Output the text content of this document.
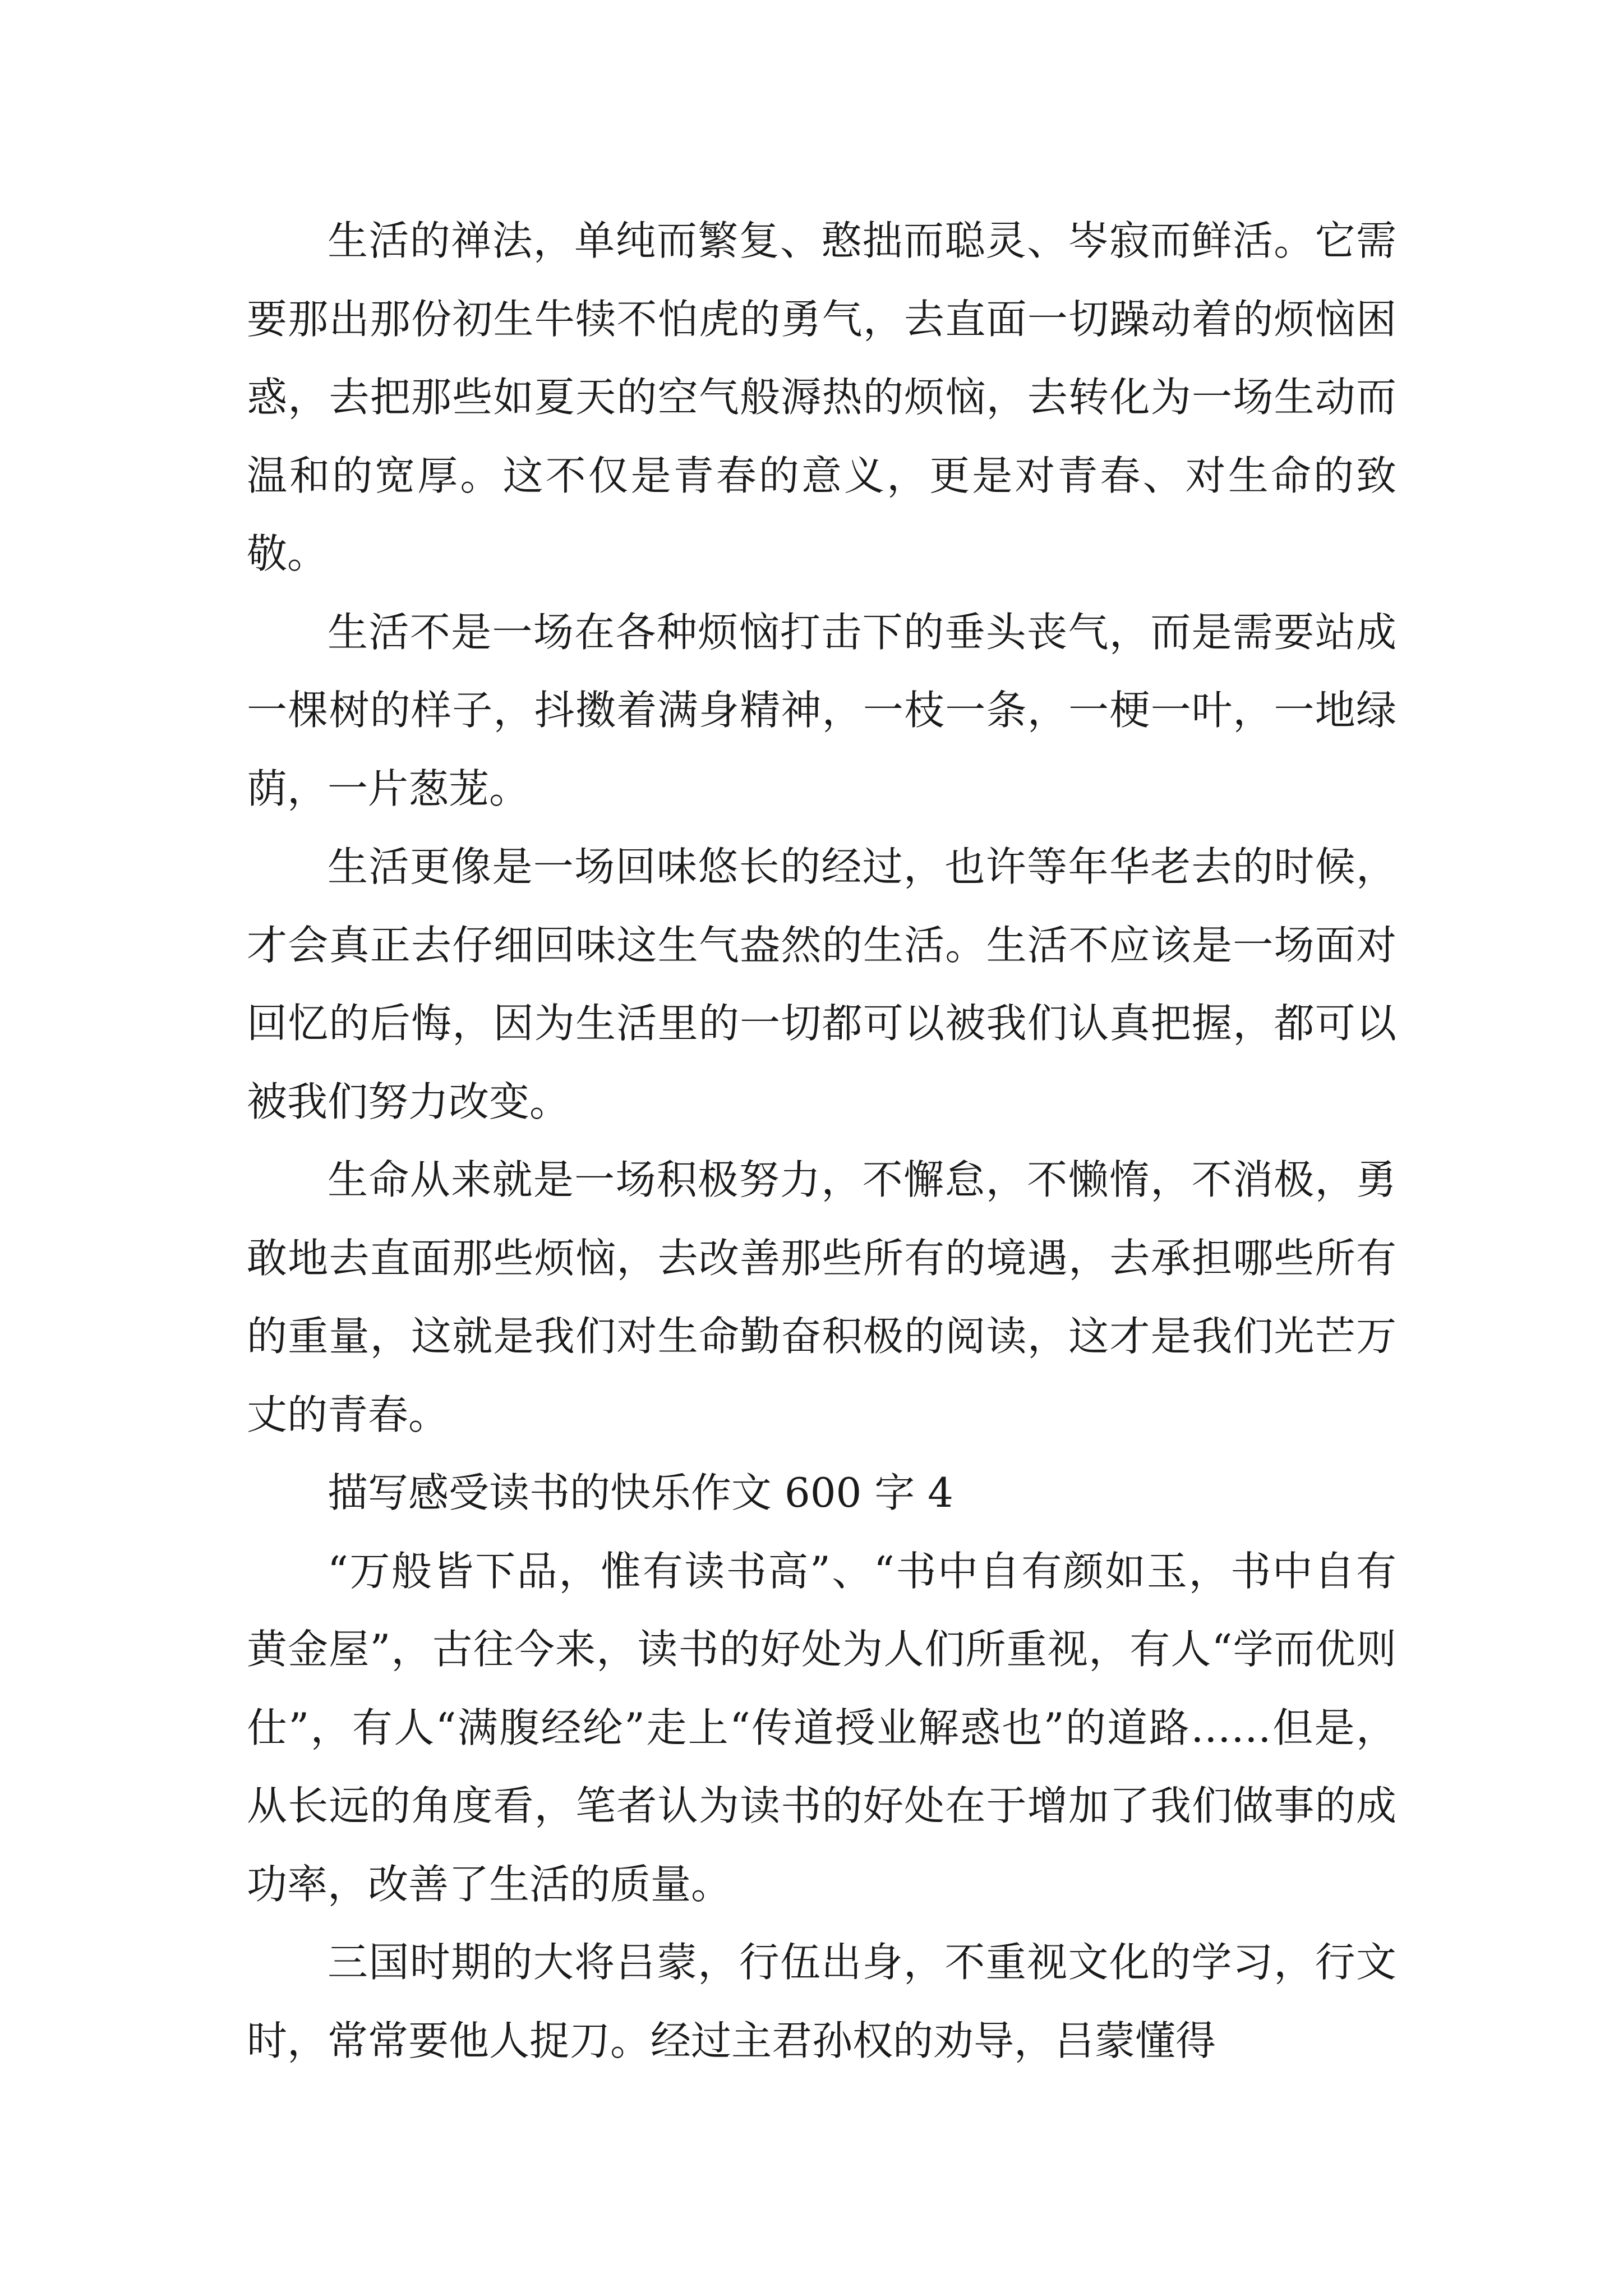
生活的禅法，单纯而繁复、憨拙而聪灵、岑寂而鲜活。它需要那出那份初生牛犊不怕虎的勇气，去直面一切躁动着的烦恼困惑，去把那些如夏天的空气般溽热的烦恼，去转化为一场生动而温和的宽厚。这不仅是青春的意义，更是对青春、对生命的致敬。

生活不是一场在各种烦恼打击下的垂头丧气，而是需要站成一棵树的样子，抖擞着满身精神，一枝一条，一梗一叶，一地绿荫，一片葱茏。

生活更像是一场回味悠长的经过，也许等年华老去的时候，才会真正去仔细回味这生气盎然的生活。生活不应该是一场面对回忆的后悔，因为生活里的一切都可以被我们认真把握，都可以被我们努力改变。

生命从来就是一场积极努力，不懈怠，不懒惰，不消极，勇敢地去直面那些烦恼，去改善那些所有的境遇，去承担哪些所有的重量，这就是我们对生命勤奋积极的阅读，这才是我们光芒万丈的青春。

描写感受读书的快乐作文 600 字 4

“万般皆下品，惟有读书高”、“书中自有颜如玉，书中自有黄金屋”，古往今来，读书的好处为人们所重视，有人“学而优则仕”，有人“满腹经纶”走上“传道授业解惑也”的道路……但是，从长远的角度看，笔者认为读书的好处在于增加了我们做事的成功率，改善了生活的质量。

三国时期的大将吕蒙，行伍出身，不重视文化的学习，行文时，常常要他人捉刀。经过主君孙权的劝导，吕蒙懂得
